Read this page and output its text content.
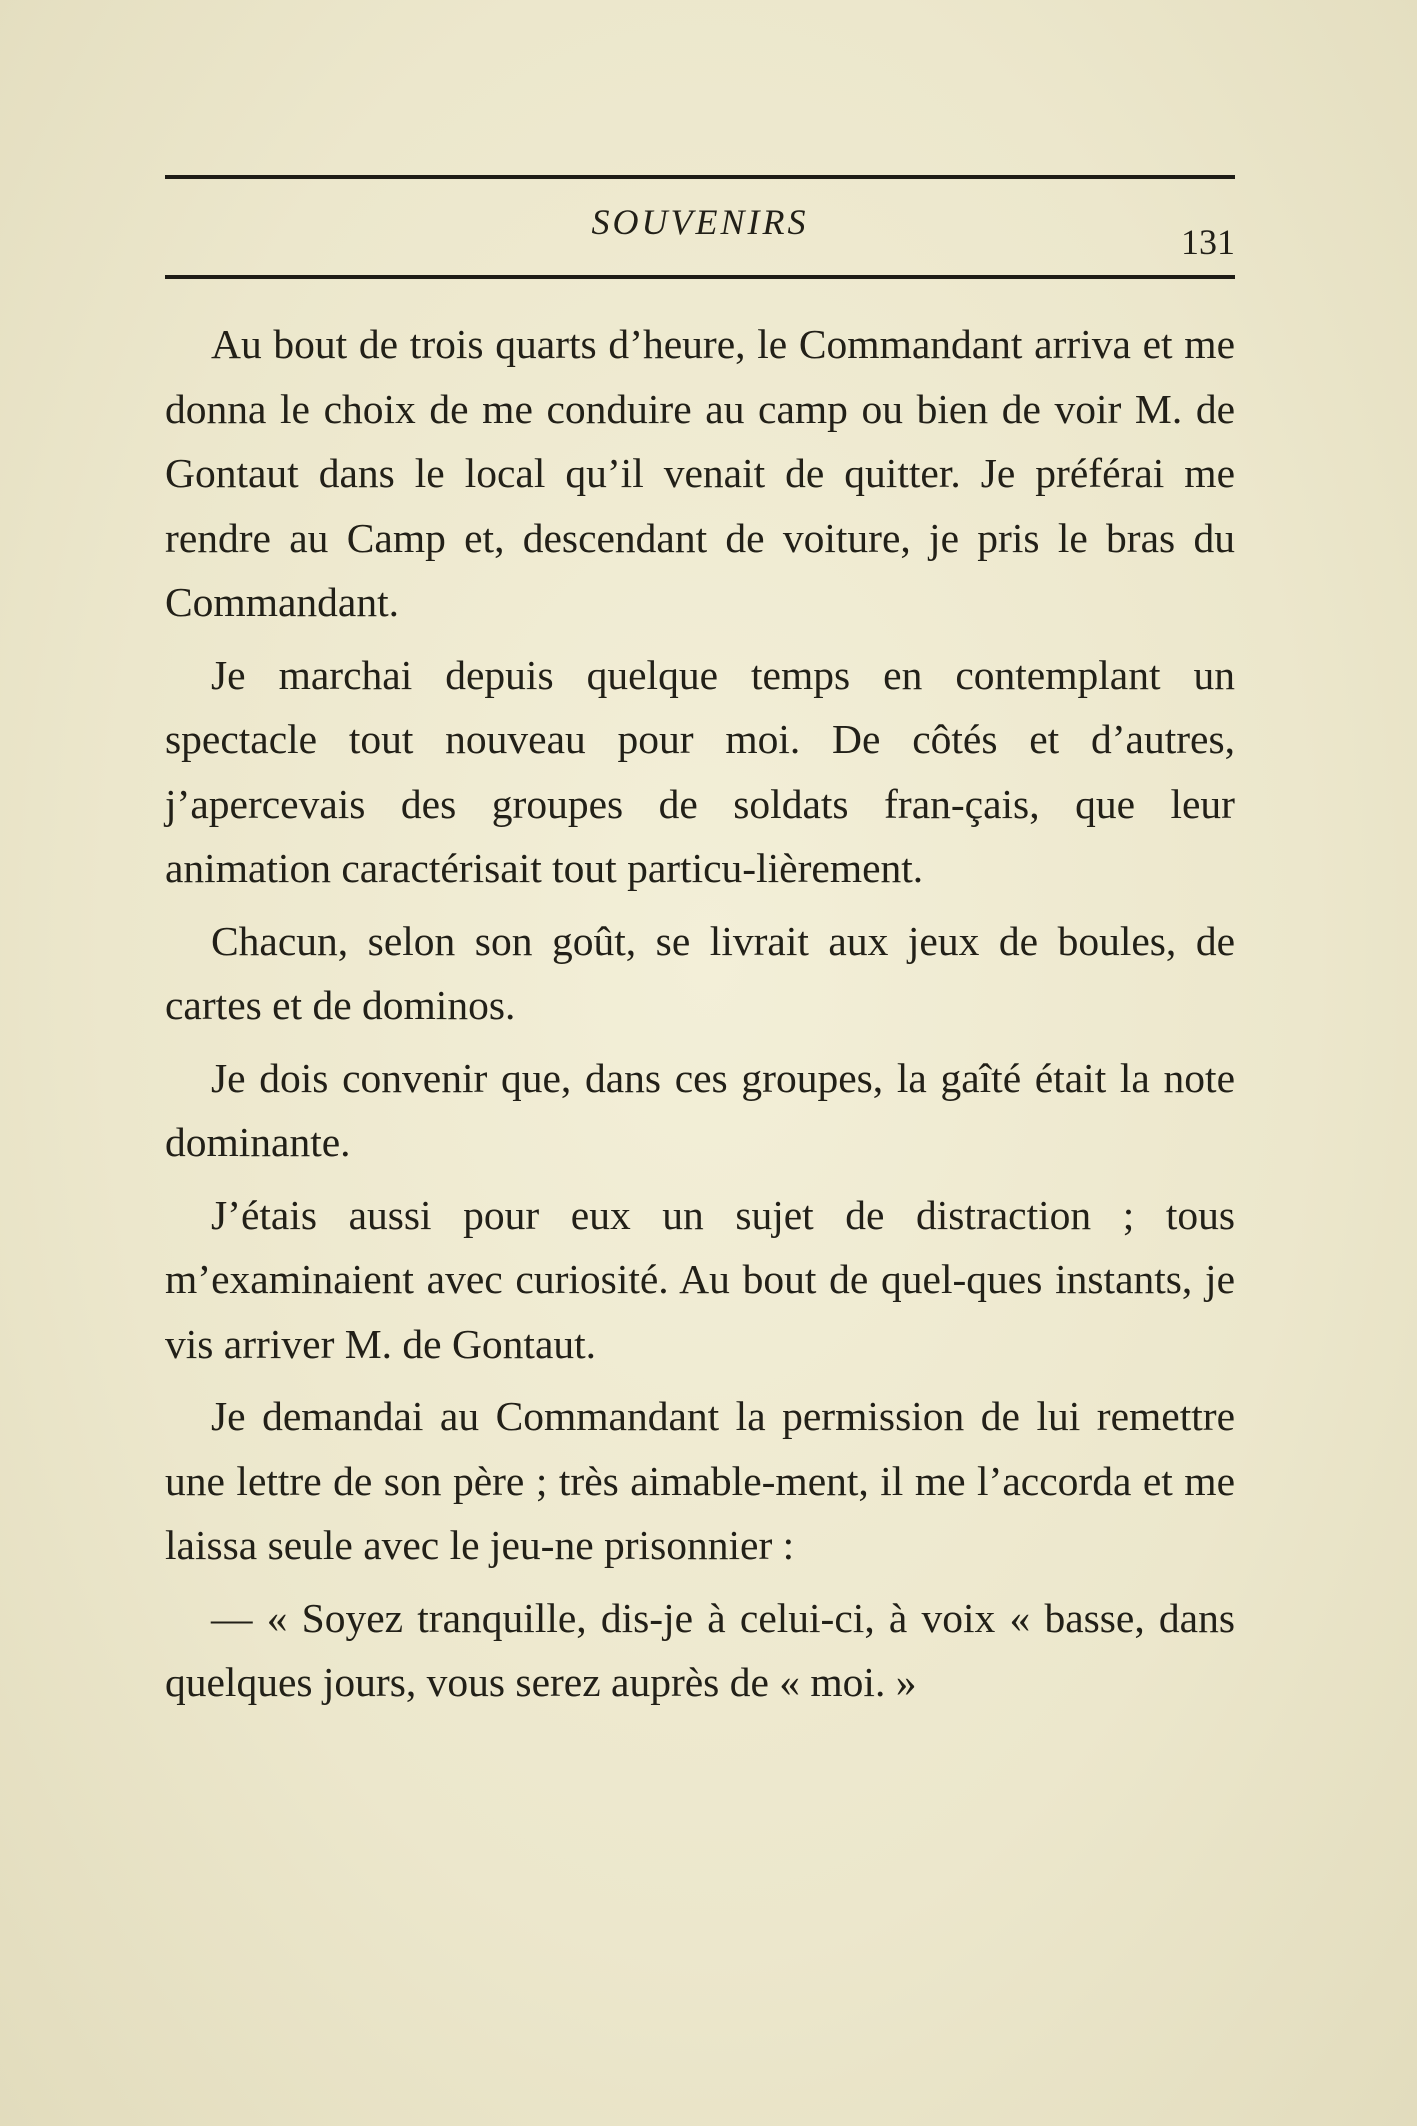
SOUVENIRS	131

Au bout de trois quarts d’heure, le Commandant arriva et me donna le choix de me conduire au camp ou bien de voir M. de Gontaut dans le local qu’il venait de quitter. Je préférai me rendre au Camp et, descendant de voiture, je pris le bras du Commandant.

Je marchai depuis quelque temps en contemplant un spectacle tout nouveau pour moi. De côtés et d’autres, j’apercevais des groupes de soldats fran-çais, que leur animation caractérisait tout particu-lièrement.

Chacun, selon son goût, se livrait aux jeux de boules, de cartes et de dominos.

Je dois convenir que, dans ces groupes, la gaîté était la note dominante.

J’étais aussi pour eux un sujet de distraction ; tous m’examinaient avec curiosité. Au bout de quel-ques instants, je vis arriver M. de Gontaut.

Je demandai au Commandant la permission de lui remettre une lettre de son père ; très aimable-ment, il me l’accorda et me laissa seule avec le jeu-ne prisonnier :

— « Soyez tranquille, dis-je à celui-ci, à voix « basse, dans quelques jours, vous serez auprès de « moi. »
